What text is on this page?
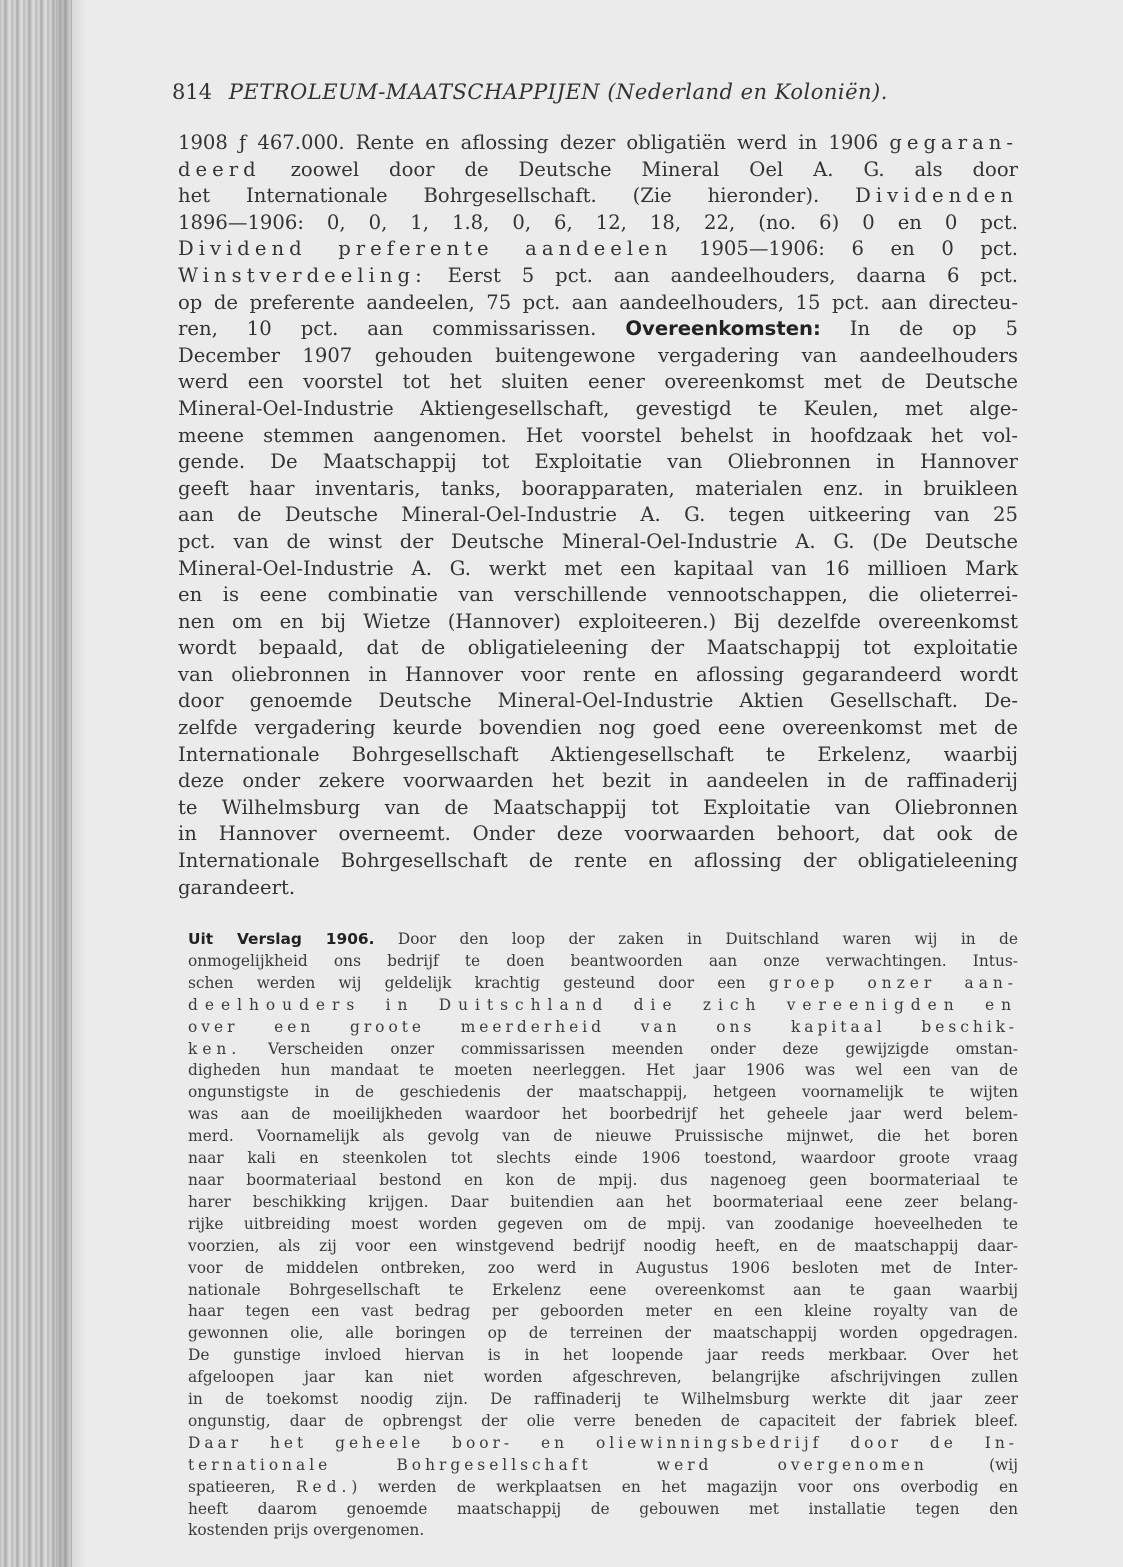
814 PETROLEUM-MAATSCHAPPIJEN (Nederland en Koloniën).
1908 ƒ 467.000. Rente en aflossing dezer obligatiën werd in 1906 gegaran-
deerd zoowel door de Deutsche Mineral Oel A. G. als door
het Internationale Bohrgesellschaft. (Zie hieronder). Dividenden
1896—1906: 0, 0, 1, 1.8, 0, 6, 12, 18, 22, (no. 6) 0 en 0 pct.
Dividend preferente aandeelen 1905—1906: 6 en 0 pct.
Winstverdeeling: Eerst 5 pct. aan aandeelhouders, daarna 6 pct.
op de preferente aandeelen, 75 pct. aan aandeelhouders, 15 pct. aan directeu-
ren, 10 pct. aan commissarissen. Overeenkomsten: In de op 5
December 1907 gehouden buitengewone vergadering van aandeelhouders
werd een voorstel tot het sluiten eener overeenkomst met de Deutsche
Mineral-Oel-Industrie Aktiengesellschaft, gevestigd te Keulen, met alge-
meene stemmen aangenomen. Het voorstel behelst in hoofdzaak het vol-
gende. De Maatschappij tot Exploitatie van Oliebronnen in Hannover
geeft haar inventaris, tanks, boorapparaten, materialen enz. in bruikleen
aan de Deutsche Mineral-Oel-Industrie A. G. tegen uitkeering van 25
pct. van de winst der Deutsche Mineral-Oel-Industrie A. G. (De Deutsche
Mineral-Oel-Industrie A. G. werkt met een kapitaal van 16 millioen Mark
en is eene combinatie van verschillende vennootschappen, die olieterrei-
nen om en bij Wietze (Hannover) exploiteeren.) Bij dezelfde overeenkomst
wordt bepaald, dat de obligatieleening der Maatschappij tot exploitatie
van oliebronnen in Hannover voor rente en aflossing gegarandeerd wordt
door genoemde Deutsche Mineral-Oel-Industrie Aktien Gesellschaft. De-
zelfde vergadering keurde bovendien nog goed eene overeenkomst met de
Internationale Bohrgesellschaft Aktiengesellschaft te Erkelenz, waarbij
deze onder zekere voorwaarden het bezit in aandeelen in de raffinaderij
te Wilhelmsburg van de Maatschappij tot Exploitatie van Oliebronnen
in Hannover overneemt. Onder deze voorwaarden behoort, dat ook de
Internationale Bohrgesellschaft de rente en aflossing der obligatieleening
garandeert.
Uit Verslag 1906. Door den loop der zaken in Duitschland waren wij in de
onmogelijkheid ons bedrijf te doen beantwoorden aan onze verwachtingen. Intus-
schen werden wij geldelijk krachtig gesteund door een groep onzer aan-
deelhouders in Duitschland die zich vereenigden en
over een groote meerderheid van ons kapitaal beschik-
ken. Verscheiden onzer commissarissen meenden onder deze gewijzigde omstan-
digheden hun mandaat te moeten neerleggen. Het jaar 1906 was wel een van de
ongunstigste in de geschiedenis der maatschappij, hetgeen voornamelijk te wijten
was aan de moeilijkheden waardoor het boorbedrijf het geheele jaar werd belem-
merd. Voornamelijk als gevolg van de nieuwe Pruissische mijnwet, die het boren
naar kali en steenkolen tot slechts einde 1906 toestond, waardoor groote vraag
naar boormateriaal bestond en kon de mpij. dus nagenoeg geen boormateriaal te
harer beschikking krijgen. Daar buitendien aan het boormateriaal eene zeer belang-
rijke uitbreiding moest worden gegeven om de mpij. van zoodanige hoeveelheden te
voorzien, als zij voor een winstgevend bedrijf noodig heeft, en de maatschappij daar-
voor de middelen ontbreken, zoo werd in Augustus 1906 besloten met de Inter-
nationale Bohrgesellschaft te Erkelenz eene overeenkomst aan te gaan waarbij
haar tegen een vast bedrag per geboorden meter en een kleine royalty van de
gewonnen olie, alle boringen op de terreinen der maatschappij worden opgedragen.
De gunstige invloed hiervan is in het loopende jaar reeds merkbaar. Over het
afgeloopen jaar kan niet worden afgeschreven, belangrijke afschrijvingen zullen
in de toekomst noodig zijn. De raffinaderij te Wilhelmsburg werkte dit jaar zeer
ongunstig, daar de opbrengst der olie verre beneden de capaciteit der fabriek bleef.
Daar het geheele boor- en oliewinningsbedrijf door de In-
ternationale Bohrgesellschaft werd overgenomen (wij
spatieeren, Red.) werden de werkplaatsen en het magazijn voor ons overbodig en
heeft daarom genoemde maatschappij de gebouwen met installatie tegen den
kostenden prijs overgenomen.
